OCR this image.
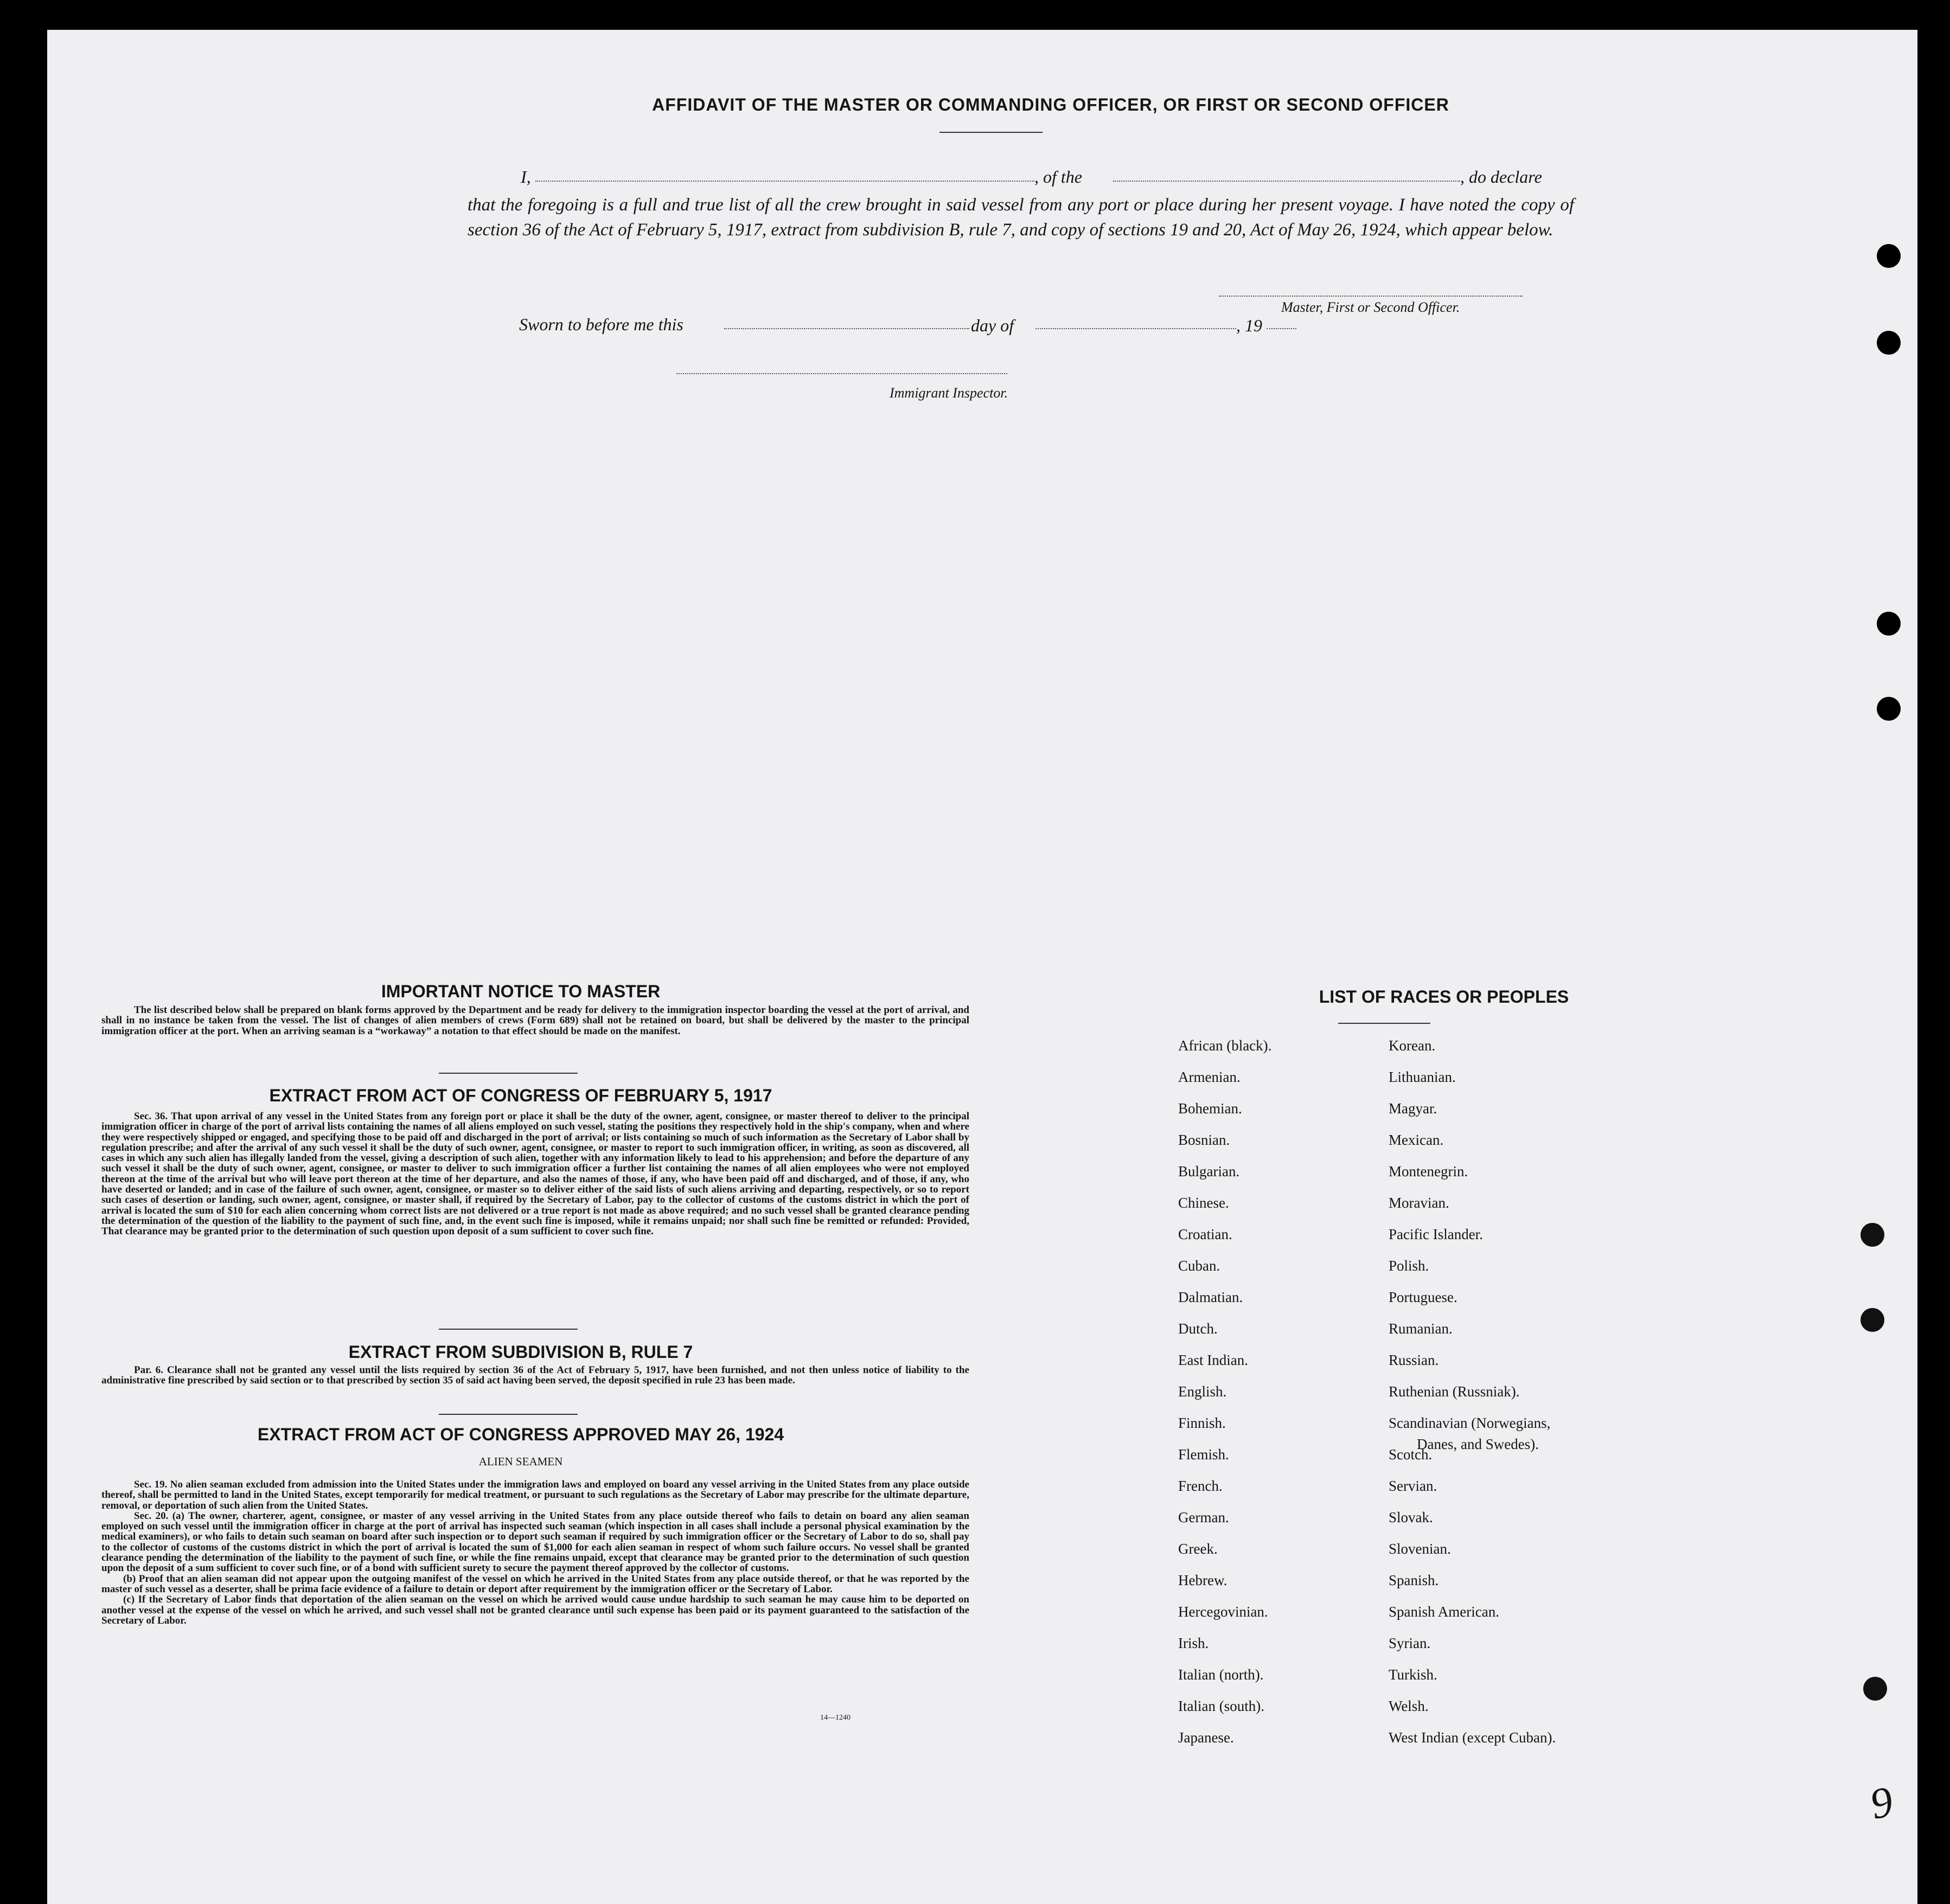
AFFIDAVIT OF THE MASTER OR COMMANDING OFFICER, OR FIRST OR SECOND OFFICER
I,	, of the	, do declare
that the foregoing is a full and true list of all the crew brought in said vessel from any port or place during her present voyage. I have noted the copy of section 36 of the Act of February 5, 1917, extract from subdivision B, rule 7, and copy of sections 19 and 20, Act of May 26, 1924, which appear below.
Master, First or Second Officer.
Sworn to before me this	day of	, 19
Immigrant Inspector.
IMPORTANT NOTICE TO MASTER
The list described below shall be prepared on blank forms approved by the Department and be ready for delivery to the immigration inspector boarding the vessel at the port of arrival, and shall in no instance be taken from the vessel. The list of changes of alien members of crews (Form 689) shall not be retained on board, but shall be delivered by the master to the principal immigration officer at the port. When an arriving seaman is a “workaway” a notation to that effect should be made on the manifest.
EXTRACT FROM ACT OF CONGRESS OF FEBRUARY 5, 1917
Sec. 36. That upon arrival of any vessel in the United States from any foreign port or place it shall be the duty of the owner, agent, consignee, or master thereof to deliver to the principal immigration officer in charge of the port of arrival lists containing the names of all aliens employed on such vessel, stating the positions they respectively hold in the ship's company, when and where they were respectively shipped or engaged, and specifying those to be paid off and discharged in the port of arrival; or lists containing so much of such information as the Secretary of Labor shall by regulation prescribe; and after the arrival of any such vessel it shall be the duty of such owner, agent, consignee, or master to report to such immigration officer, in writing, as soon as discovered, all cases in which any such alien has illegally landed from the vessel, giving a description of such alien, together with any information likely to lead to his apprehension; and before the departure of any such vessel it shall be the duty of such owner, agent, consignee, or master to deliver to such immigration officer a further list containing the names of all alien employees who were not employed thereon at the time of the arrival but who will leave port thereon at the time of her departure, and also the names of those, if any, who have been paid off and discharged, and of those, if any, who have deserted or landed; and in case of the failure of such owner, agent, consignee, or master so to deliver either of the said lists of such aliens arriving and departing, respectively, or so to report such cases of desertion or landing, such owner, agent, consignee, or master shall, if required by the Secretary of Labor, pay to the collector of customs of the customs district in which the port of arrival is located the sum of $10 for each alien concerning whom correct lists are not delivered or a true report is not made as above required; and no such vessel shall be granted clearance pending the determination of the question of the liability to the payment of such fine, and, in the event such fine is imposed, while it remains unpaid; nor shall such fine be remitted or refunded: Provided, That clearance may be granted prior to the determination of such question upon deposit of a sum sufficient to cover such fine.
EXTRACT FROM SUBDIVISION B, RULE 7
Par. 6. Clearance shall not be granted any vessel until the lists required by section 36 of the Act of February 5, 1917, have been furnished, and not then unless notice of liability to the administrative fine prescribed by said section or to that prescribed by section 35 of said act having been served, the deposit specified in rule 23 has been made.
EXTRACT FROM ACT OF CONGRESS APPROVED MAY 26, 1924
ALIEN SEAMEN
Sec. 19. No alien seaman excluded from admission into the United States under the immigration laws and employed on board any vessel arriving in the United States from any place outside thereof, shall be permitted to land in the United States, except temporarily for medical treatment, or pursuant to such regulations as the Secretary of Labor may prescribe for the ultimate departure, removal, or deportation of such alien from the United States.
Sec. 20. (a) The owner, charterer, agent, consignee, or master of any vessel arriving in the United States from any place outside thereof who fails to detain on board any alien seaman employed on such vessel until the immigration officer in charge at the port of arrival has inspected such seaman (which inspection in all cases shall include a personal physical examination by the medical examiners), or who fails to detain such seaman on board after such inspection or to deport such seaman if required by such immigration officer or the Secretary of Labor to do so, shall pay to the collector of customs of the customs district in which the port of arrival is located the sum of $1,000 for each alien seaman in respect of whom such failure occurs. No vessel shall be granted clearance pending the determination of the liability to the payment of such fine, or while the fine remains unpaid, except that clearance may be granted prior to the determination of such question upon the deposit of a sum sufficient to cover such fine, or of a bond with sufficient surety to secure the payment thereof approved by the collector of customs.
(b) Proof that an alien seaman did not appear upon the outgoing manifest of the vessel on which he arrived in the United States from any place outside thereof, or that he was reported by the master of such vessel as a deserter, shall be prima facie evidence of a failure to detain or deport after requirement by the immigration officer or the Secretary of Labor.
(c) If the Secretary of Labor finds that deportation of the alien seaman on the vessel on which he arrived would cause undue hardship to such seaman he may cause him to be deported on another vessel at the expense of the vessel on which he arrived, and such vessel shall not be granted clearance until such expense has been paid or its payment guaranteed to the satisfaction of the Secretary of Labor.
14—1240
LIST OF RACES OR PEOPLES
African (black).
Armenian.
Bohemian.
Bosnian.
Bulgarian.
Chinese.
Croatian.
Cuban.
Dalmatian.
Dutch.
East Indian.
English.
Finnish.
Flemish.
French.
German.
Greek.
Hebrew.
Hercegovinian.
Irish.
Italian (north).
Italian (south).
Japanese.
Korean.
Lithuanian.
Magyar.
Mexican.
Montenegrin.
Moravian.
Pacific Islander.
Polish.
Portuguese.
Rumanian.
Russian.
Ruthenian (Russniak).
Scandinavian (Norwegians,
Scotch.
Servian.
Slovak.
Slovenian.
Spanish.
Spanish American.
Syrian.
Turkish.
Welsh.
West Indian (except Cuban).
Danes, and Swedes).
9
